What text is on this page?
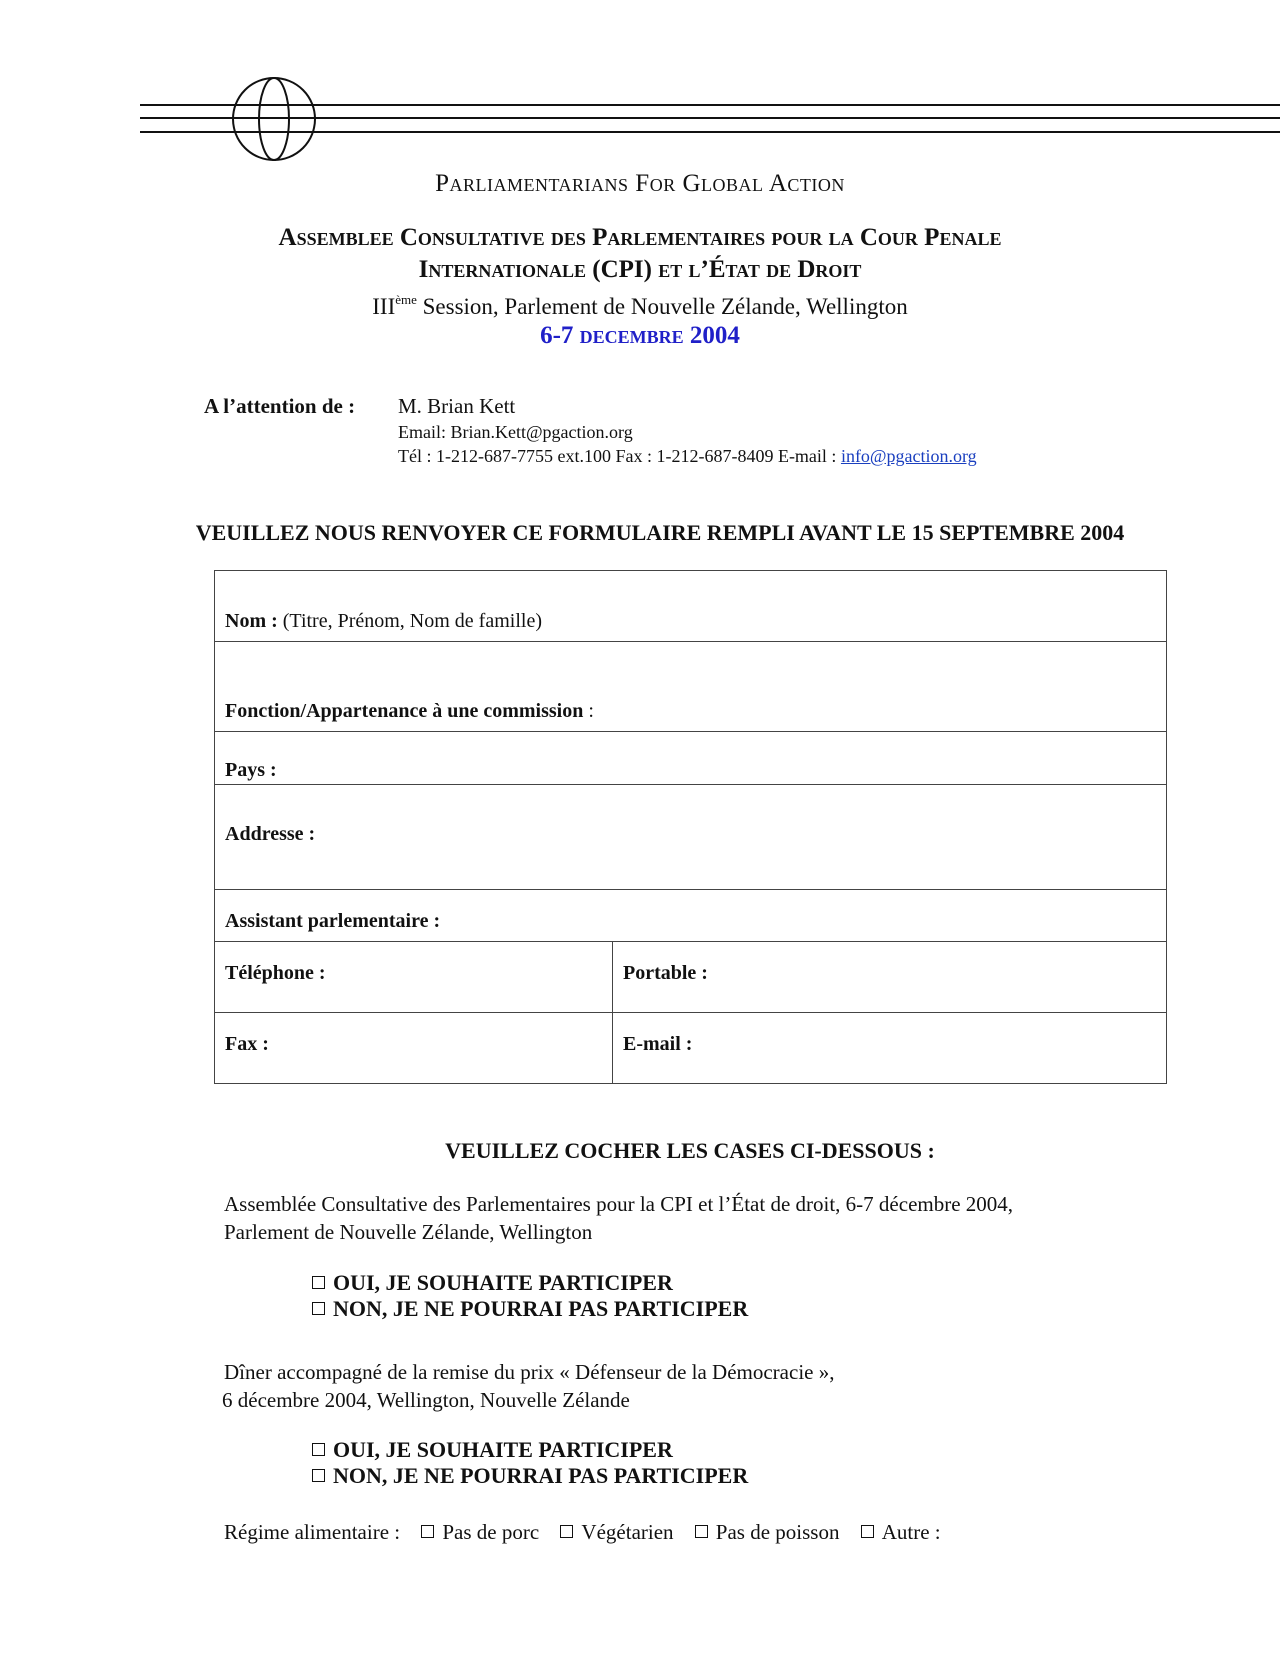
Parliamentarians For Global Action
Assemblee Consultative des Parlementaires pour la Cour Penale
Internationale (CPI) et l’État de Droit
IIIème Session, Parlement de Nouvelle Zélande, Wellington
6-7 decembre 2004
A l’attention de : M. Brian Kett
Email: Brian.Kett@pgaction.org
Tél : 1-212-687-7755 ext.100 Fax : 1-212-687-8409 E-mail : info@pgaction.org
VEUILLEZ NOUS RENVOYER CE FORMULAIRE REMPLI AVANT LE 15 SEPTEMBRE 2004
Nom : (Titre, Prénom, Nom de famille)	
Fonction/Appartenance à une commission :	
Pays :	
Addresse :	
Assistant parlementaire :	
Téléphone :	Portable :
Fax :	E-mail :
VEUILLEZ COCHER LES CASES CI-DESSOUS :
Assemblée Consultative des Parlementaires pour la CPI et l’État de droit, 6-7 décembre 2004,
Parlement de Nouvelle Zélande, Wellington
OUI, JE SOUHAITE PARTICIPER
NON, JE NE POURRAI PAS PARTICIPER
Dîner accompagné de la remise du prix « Défenseur de la Démocracie »,
6 décembre 2004, Wellington, Nouvelle Zélande
OUI, JE SOUHAITE PARTICIPER
NON, JE NE POURRAI PAS PARTICIPER
Régime alimentaire : Pas de porc Végétarien Pas de poisson Autre :
